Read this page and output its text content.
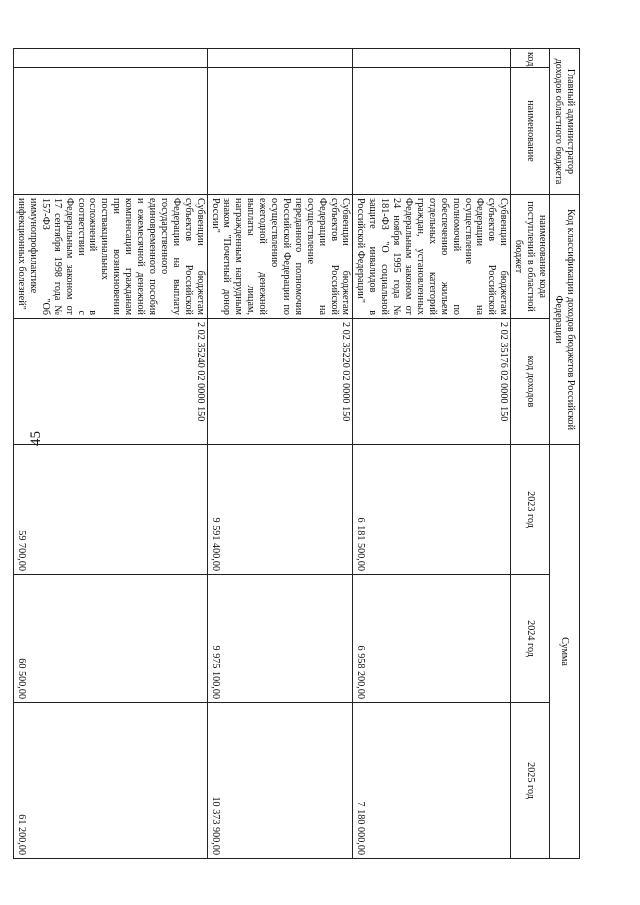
45
Главный администратор доходов областного бюджета		Код классификации доходов бюджетов Российской Федерации		Сумма		
код	наименование	наименование кода поступлений в областной бюджет	код доходов	2023 год	2024 год	2025 год
		Субвенции бюджетам субъектов Российской Федерации на осуществление полномочий по обеспечению жильем отдельных категорий граждан, установленных Федеральным законом от 24 ноября 1995 года № 181-ФЗ "О социальной защите инвалидов в Российской Федерации"	2 02 35176 02 0000 150	6 181 500,00	6 958 200,00	7 180 000,00
		Субвенции бюджетам субъектов Российской Федерации на осуществление переданного полномочия Российской Федерации по осуществлению ежегодной денежной выплаты лицам, награжденным нагрудным знаком "Почетный донор России"	2 02 35220 02 0000 150	9 591 400,00	9 975 100,00	10 373 900,00
		Субвенции бюджетам субъектов Российской Федерации на выплату государственного единовременного пособия и ежемесячной денежной компенсации гражданам при возникновении поствакцинальных осложнений в соответствии с Федеральным законом от 17 сентября 1998 года № 157-ФЗ "Об иммунопрофилактике инфекционных болезней"	2 02 35240 02 0000 150	59 700,00	60 500,00	61 200,00
